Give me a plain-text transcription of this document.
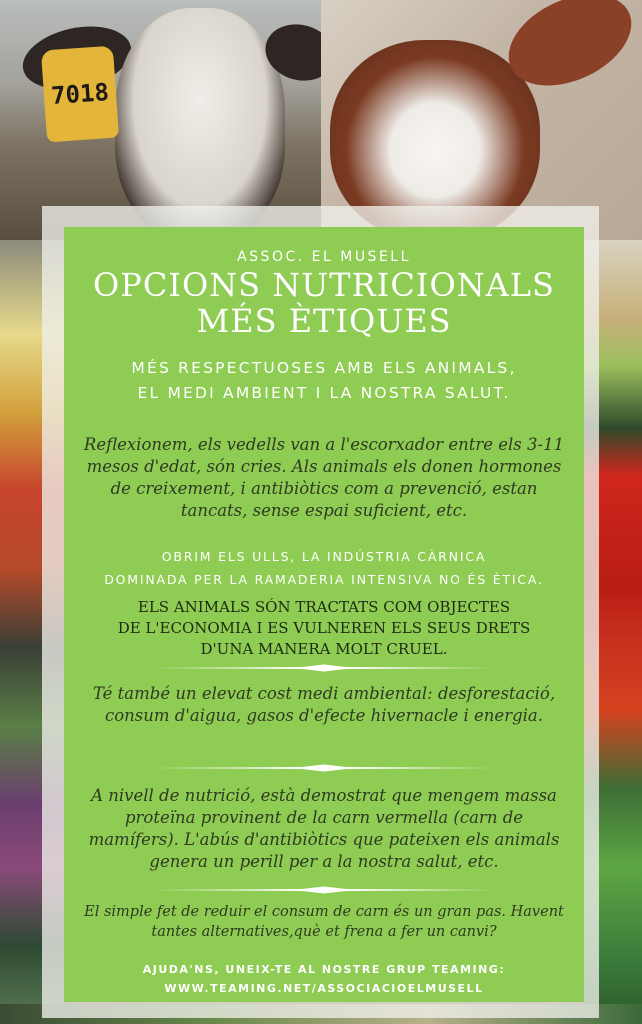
7018
ASSOC. EL MUSELL
OPCIONS NUTRICIONALS
MÉS ÈTIQUES
MÉS RESPECTUOSES AMB ELS ANIMALS,
EL MEDI AMBIENT I LA NOSTRA SALUT.
Reflexionem, els vedells van a l'escorxador entre els 3-11 mesos d'edat, són cries. Als animals els donen hormones de creixement, i antibiòtics com a prevenció, estan tancats, sense espai suficient, etc.
OBRIM ELS ULLS, LA INDÚSTRIA CÀRNICA
DOMINADA PER LA RAMADERIA INTENSIVA NO ÉS ÈTICA.
ELS ANIMALS SÓN TRACTATS COM OBJECTES
DE L'ECONOMIA I ES VULNEREN ELS SEUS DRETS
D'UNA MANERA MOLT CRUEL.
Té també un elevat cost medi ambiental: desforestació, consum d'aigua, gasos d'efecte hivernacle i energia.
A nivell de nutrició, està demostrat que mengem massa proteïna provinent de la carn vermella (carn de mamífers). L'abús d'antibiòtics que pateixen els animals genera un perill per a la nostra salut, etc.
El simple fet de reduir el consum de carn és un gran pas. Havent tantes alternatives,què et frena a fer un canvi?
AJUDA'NS, UNEIX-TE AL NOSTRE GRUP TEAMING:
WWW.TEAMING.NET/ASSOCIACIOELMUSELL
